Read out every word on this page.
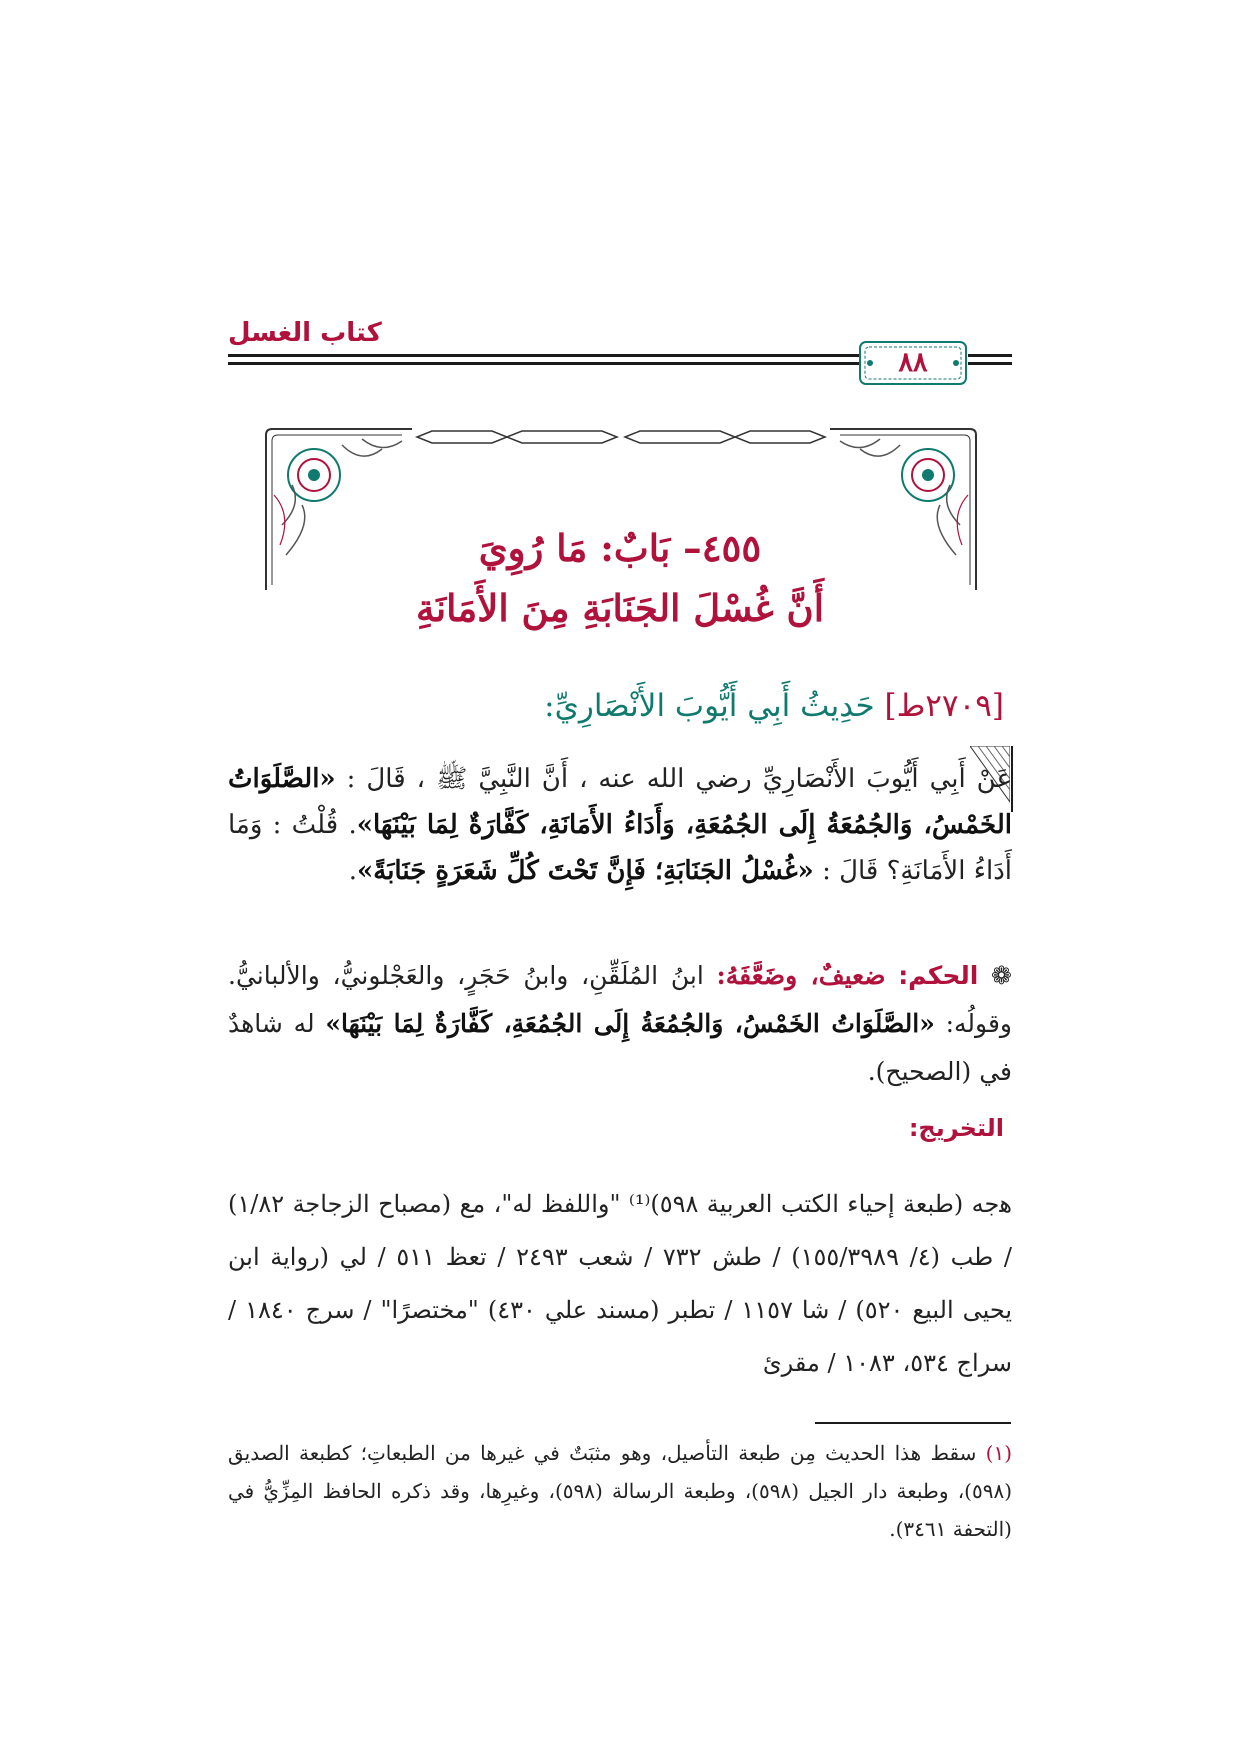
كتاب الغسل
٨٨
٤٥٥– بَابٌ: مَا رُوِيَ
أَنَّ غُسْلَ الجَنَابَةِ مِنَ الأَمَانَةِ
[٢٧٠٩ط] حَدِيثُ أَبِي أَيُّوبَ الأَنْصَارِيِّ:

عَنْ أَبِي أَيُّوبَ الأَنْصَارِيِّ رضي الله عنه ، أَنَّ النَّبِيَّ ﷺ ، قَالَ : «الصَّلَوَاتُ الخَمْسُ، وَالجُمُعَةُ إِلَى الجُمُعَةِ، وَأَدَاءُ الأَمَانَةِ، كَفَّارَةٌ لِمَا بَيْنَهَا». قُلْتُ : وَمَا أَدَاءُ الأَمَانَةِ؟ قَالَ : «غُسْلُ الجَنَابَةِ؛ فَإِنَّ تَحْتَ كُلِّ شَعَرَةٍ جَنَابَةً».

❁ الحكم: ضعيفٌ، وضَعَّفَهُ: ابنُ المُلَقِّنِ، وابنُ حَجَرٍ، والعَجْلونيُّ، والألبانيُّ. وقولُه: «الصَّلَوَاتُ الخَمْسُ، وَالجُمُعَةُ إِلَى الجُمُعَةِ، كَفَّارَةٌ لِمَا بَيْنَهَا» له شاهدٌ في (الصحيح).
التخريج:

ﮬﺟﻪ (طبعة إحياء الكتب العربية ٥٩٨)⁽¹⁾ "واللفظ له"، مع (مصباح الزجاجة ١/٨٢) / طب (٤/ ١٥٥/٣٩٨٩) / طش ٧٣٢ / شعب ٢٤٩٣ / تعظ ٥١١ / لي (رواية ابن يحيى البيع ٥٢٠) / شا ١١٥٧ / تطبر (مسند علي ٤٣٠) "مختصرًا" / سرج ١٨٤٠ / سراج ٥٣٤، ١٠٨٣ / مقرئ

(١) سقط هذا الحديث مِن طبعة التأصيل، وهو مثبَتٌ في غيرها من الطبعاتِ؛ كطبعة الصديق (٥٩٨)، وطبعة دار الجيل (٥٩٨)، وطبعة الرسالة (٥٩٨)، وغيرِها، وقد ذكره الحافظ المِزِّيُّ في (التحفة ٣٤٦١).
